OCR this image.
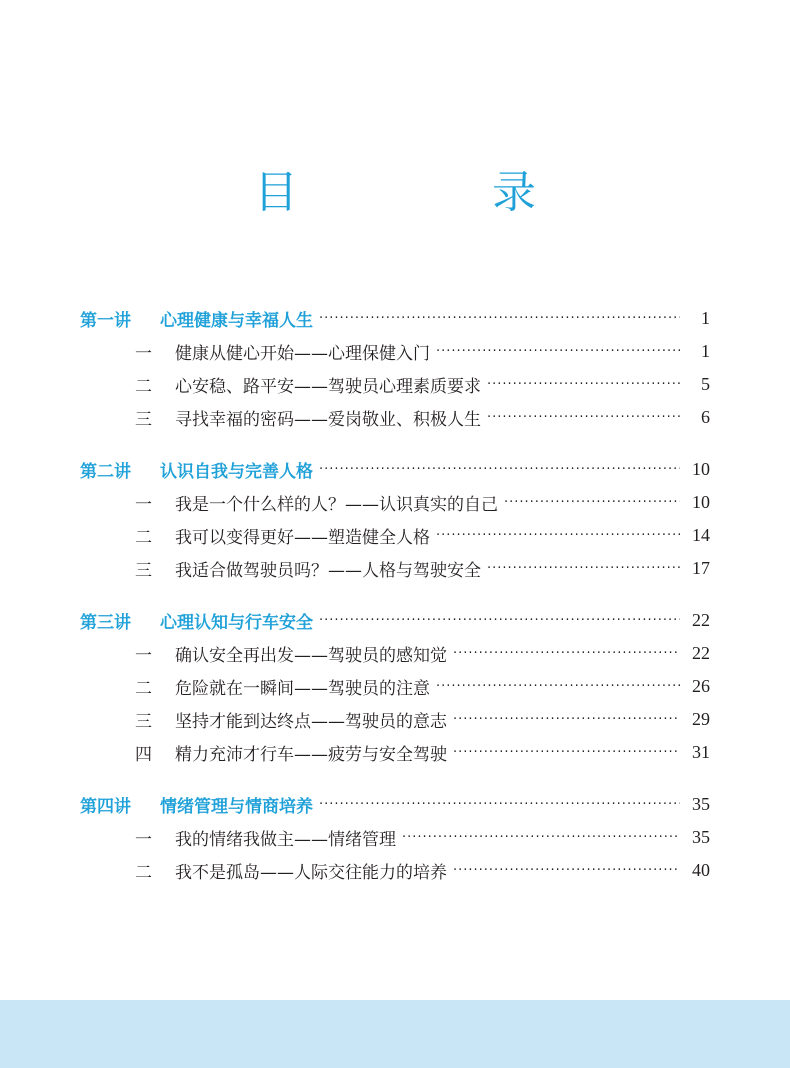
目 录
第一讲	心理健康与幸福人生 ·····	1
一	健康从健心开始——心理保健入门 ·····	1
二	心安稳、路平安——驾驶员心理素质要求 ·····	5
三	寻找幸福的密码——爱岗敬业、积极人生 ·····	6
第二讲	认识自我与完善人格 ·····	10
一	我是一个什么样的人？——认识真实的自己 ·····	10
二	我可以变得更好——塑造健全人格 ·····	14
三	我适合做驾驶员吗？——人格与驾驶安全 ·····	17
第三讲	心理认知与行车安全 ·····	22
一	确认安全再出发——驾驶员的感知觉 ·····	22
二	危险就在一瞬间——驾驶员的注意 ·····	26
三	坚持才能到达终点——驾驶员的意志 ·····	29
四	精力充沛才行车——疲劳与安全驾驶 ·····	31
第四讲	情绪管理与情商培养 ·····	35
一	我的情绪我做主——情绪管理 ·····	35
二	我不是孤岛——人际交往能力的培养 ·····	40
